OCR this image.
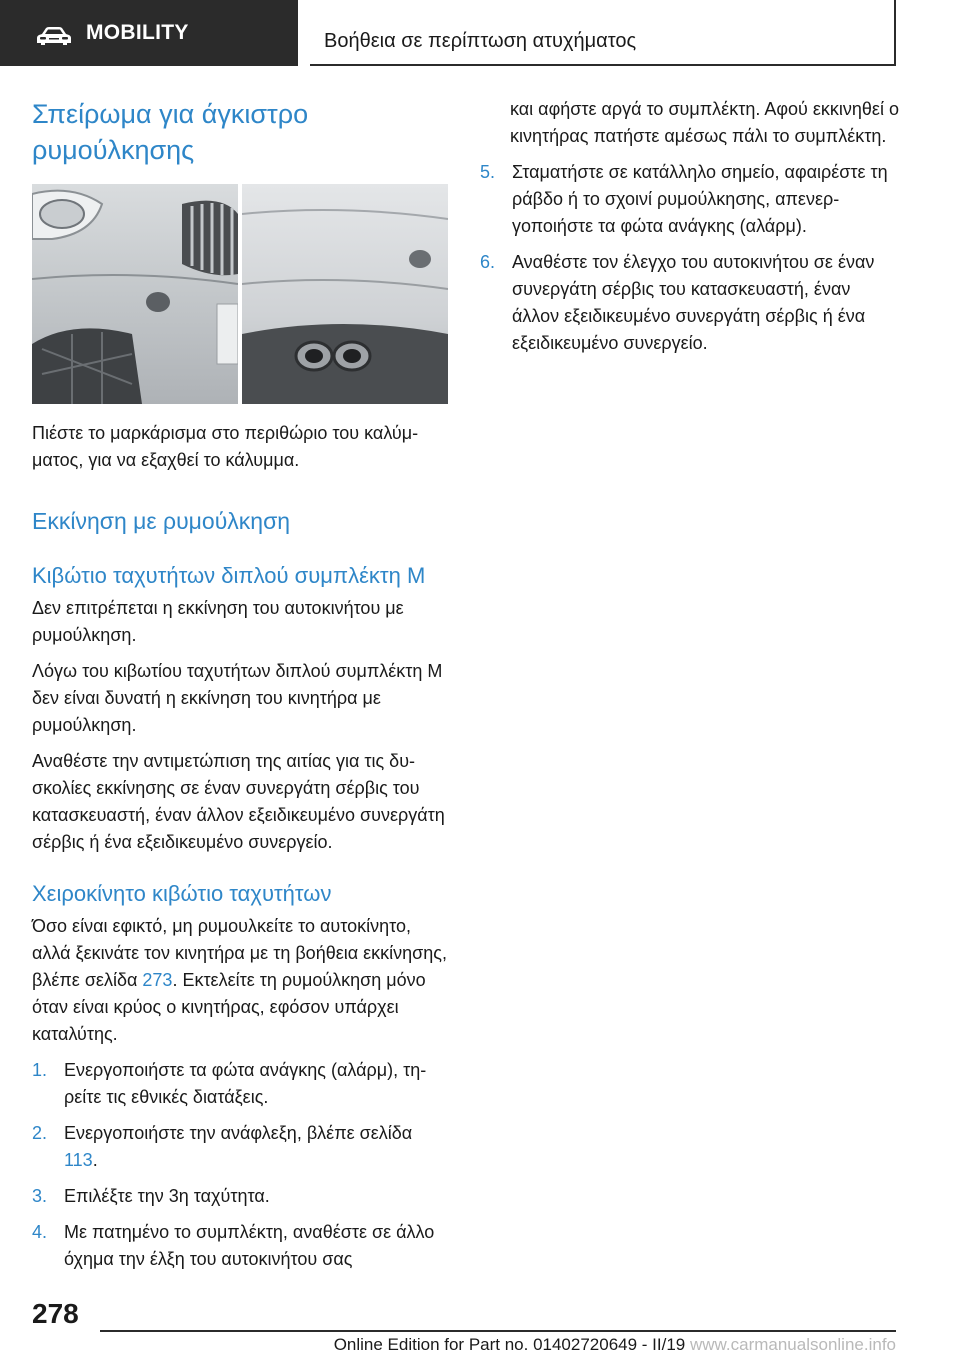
MOBILITY	Βοήθεια σε περίπτωση ατυχήματος
Σπείρωμα για άγκιστρο ρυμούλκησης

Πιέστε το μαρκάρισμα στο περιθώριο του καλύμματος, για να εξαχθεί το κάλυμμα.

Εκκίνηση με ρυμούλκηση
Κιβώτιο ταχυτήτων διπλού συμπλέκτη M

Δεν επιτρέπεται η εκκίνηση του αυτοκινήτου με ρυμούλκηση.

Λόγω του κιβωτίου ταχυτήτων διπλού συμπλέκτη M δεν είναι δυνατή η εκκίνηση του κινητήρα με ρυμούλκηση.

Αναθέστε την αντιμετώπιση της αιτίας για τις δυσκολίες εκκίνησης σε έναν συνεργάτη σέρβις του κατασκευαστή, έναν άλλον εξειδικευμένο συνεργάτη σέρβις ή ένα εξειδικευμένο συνεργείο.

Χειροκίνητο κιβώτιο ταχυτήτων

Όσο είναι εφικτό, μη ρυμουλκείτε το αυτοκίνητο, αλλά ξεκινάτε τον κινητήρα με τη βοήθεια εκκίνησης, βλέπε σελίδα 273. Εκτελείτε τη ρυμούλκηση μόνο όταν είναι κρύος ο κινητήρας, εφόσον υπάρχει καταλύτης.

1. Ενεργοποιήστε τα φώτα ανάγκης (αλάρμ), τηρείτε τις εθνικές διατάξεις.
2. Ενεργοποιήστε την ανάφλεξη, βλέπε σελίδα 113.
3. Επιλέξτε την 3η ταχύτητα.
4. Με πατημένο το συμπλέκτη, αναθέστε σε άλλο όχημα την έλξη του αυτοκινήτου σας

και αφήστε αργά το συμπλέκτη. Αφού εκκινηθεί ο κινητήρας πατήστε αμέσως πάλι το συμπλέκτη.

5. Σταματήστε σε κατάλληλο σημείο, αφαιρέστε τη ράβδο ή το σχοινί ρυμούλκησης, απενεργοποιήστε τα φώτα ανάγκης (αλάρμ).
6. Αναθέστε τον έλεγχο του αυτοκινήτου σε έναν συνεργάτη σέρβις του κατασκευαστή, έναν άλλον εξειδικευμένο συνεργάτη σέρβις ή ένα εξειδικευμένο συνεργείο.
278
Online Edition for Part no. 01402720649 - II/19 www.carmanualsonline.info
